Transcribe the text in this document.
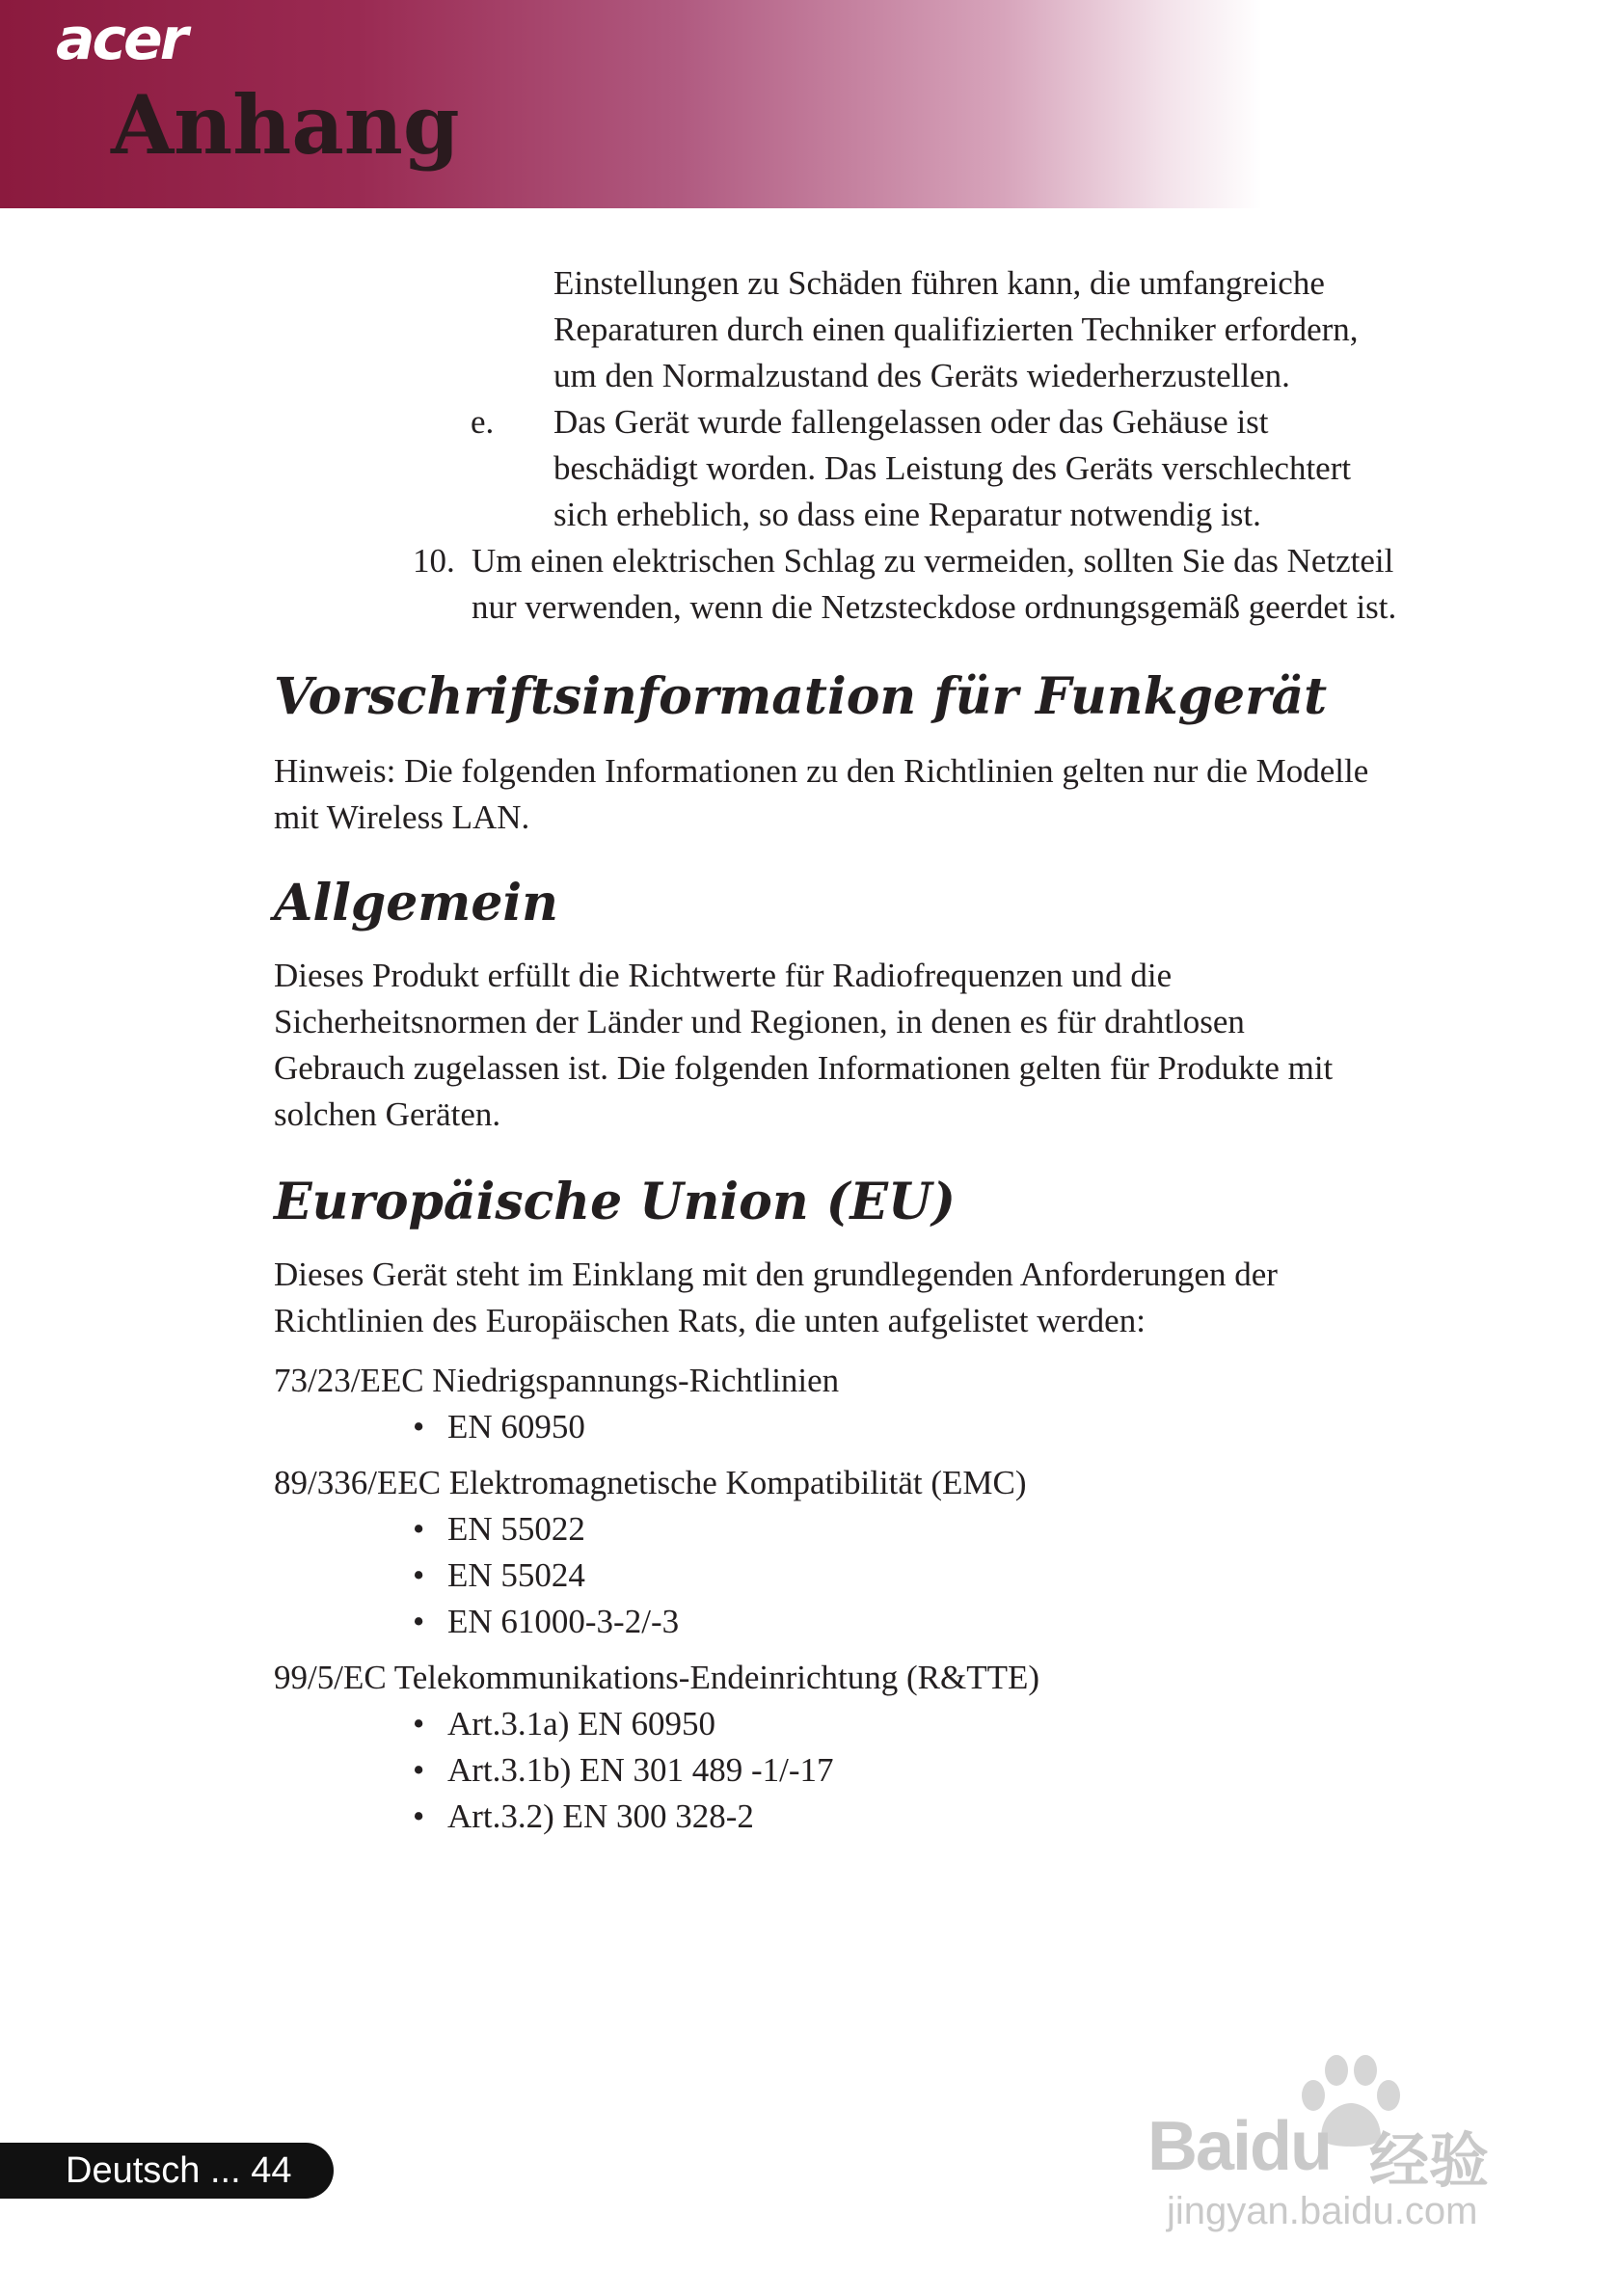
acer
Anhang

Einstellungen zu Schäden führen kann, die umfangreiche

Reparaturen durch einen qualifizierten Techniker erfordern,

um den Normalzustand des Geräts wiederherzustellen.

e. Das Gerät wurde fallengelassen oder das Gehäuse ist

beschädigt worden. Das Leistung des Geräts verschlechtert

sich erheblich, so dass eine Reparatur notwendig ist.

10. Um einen elektrischen Schlag zu vermeiden, sollten Sie das Netzteil

nur verwenden, wenn die Netzsteckdose ordnungsgemäß geerdet ist.

Vorschriftsinformation für Funkgerät

Hinweis: Die folgenden Informationen zu den Richtlinien gelten nur die Modelle

mit Wireless LAN.

Allgemein

Dieses Produkt erfüllt die Richtwerte für Radiofrequenzen und die

Sicherheitsnormen der Länder und Regionen, in denen es für drahtlosen

Gebrauch zugelassen ist. Die folgenden Informationen gelten für Produkte mit

solchen Geräten.

Europäische Union (EU)

Dieses Gerät steht im Einklang mit den grundlegenden Anforderungen der

Richtlinien des Europäischen Rats, die unten aufgelistet werden:

73/23/EEC Niedrigspannungs-Richtlinien

• EN 60950

89/336/EEC Elektromagnetische Kompatibilität (EMC)

• EN 55022
• EN 55024
• EN 61000-3-2/-3

99/5/EC Telekommunikations-Endeinrichtung (R&TTE)

• Art.3.1a) EN 60950
• Art.3.1b) EN 301 489 -1/-17
• Art.3.2) EN 300 328-2
Deutsch ... 44	Baidu 经验
jingyan.baidu.com
